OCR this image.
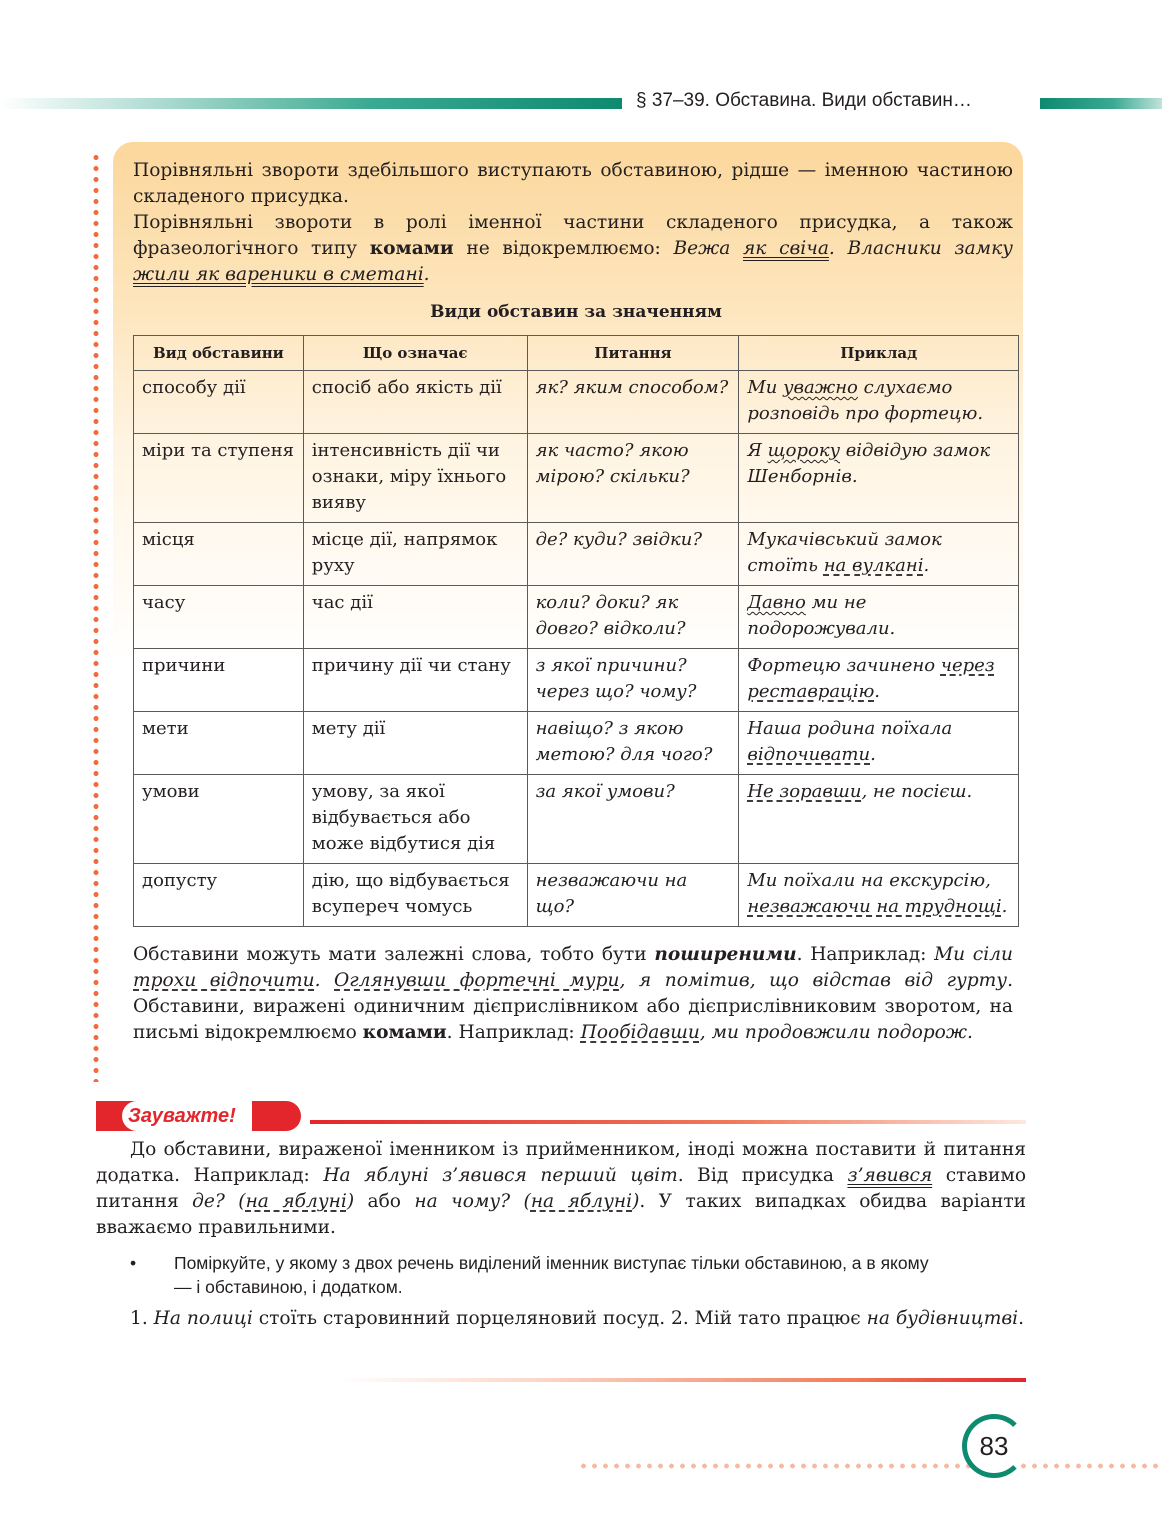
§ 37–39. Обставина. Види обставин…

Порівняльні звороти здебільшого виступають обставиною, рідше — іменною частиною складеного присудка.

Порівняльні звороти в ролі іменної частини складеного присудка, а також фразеологічного типу комами не відокремлюємо: Вежа як свіча. Власники замку жили як вареники в сметані.

Види обставин за значенням
Вид обставини	Що означає	Питання	Приклад
способу дії	спосіб або якість дії	як? яким способом?	Ми уважно слухаємо розповідь про фортецю.
міри та ступеня	інтенсивність дії чи ознаки, міру їхнього вияву	як часто? якою мірою? скільки?	Я щороку відвідую замок Шенборнів.
місця	місце дії, напрямок руху	де? куди? звідки?	Мукачівський замок стоїть на вулкані.
часу	час дії	коли? доки? як довго? відколи?	Давно ми не подорожували.
причини	причину дії чи стану	з якої причини? через що? чому?	Фортецю зачинено через реставрацію.
мети	мету дії	навіщо? з якою метою? для чого?	Наша родина поїхала відпочивати.
умови	умову, за якої відбувається або може відбутися дія	за якої умови?	Не зоравши, не посієш.
допусту	дію, що відбувається всупереч чомусь	незважаючи на що?	Ми поїхали на екскурсію, незважаючи на труднощі.

Обставини можуть мати залежні слова, тобто бути поширеними. Наприклад: Ми сіли трохи відпочити. Оглянувши фортечні мури, я помітив, що відстав від гурту. Обставини, виражені одиничним дієприслівником або дієприслівниковим зворотом, на письмі відокремлюємо комами. Наприклад: Пообідавши, ми продовжили подорож.

Зауважте!

До обставини, вираженої іменником із прийменником, іноді можна поставити й питання додатка. Наприклад: На яблуні з’явився перший цвіт. Від присудка з’явився ставимо питання де? (на яблуні) або на чому? (на яблуні). У таких випадках обидва варіанти вважаємо правильними.

• Поміркуйте, у якому з двох речень виділений іменник виступає тільки обставиною, а в якому — і обставиною, і додатком.

1. На полиці стоїть старовинний порцеляновий посуд. 2. Мій тато працює на будівництві.

83
